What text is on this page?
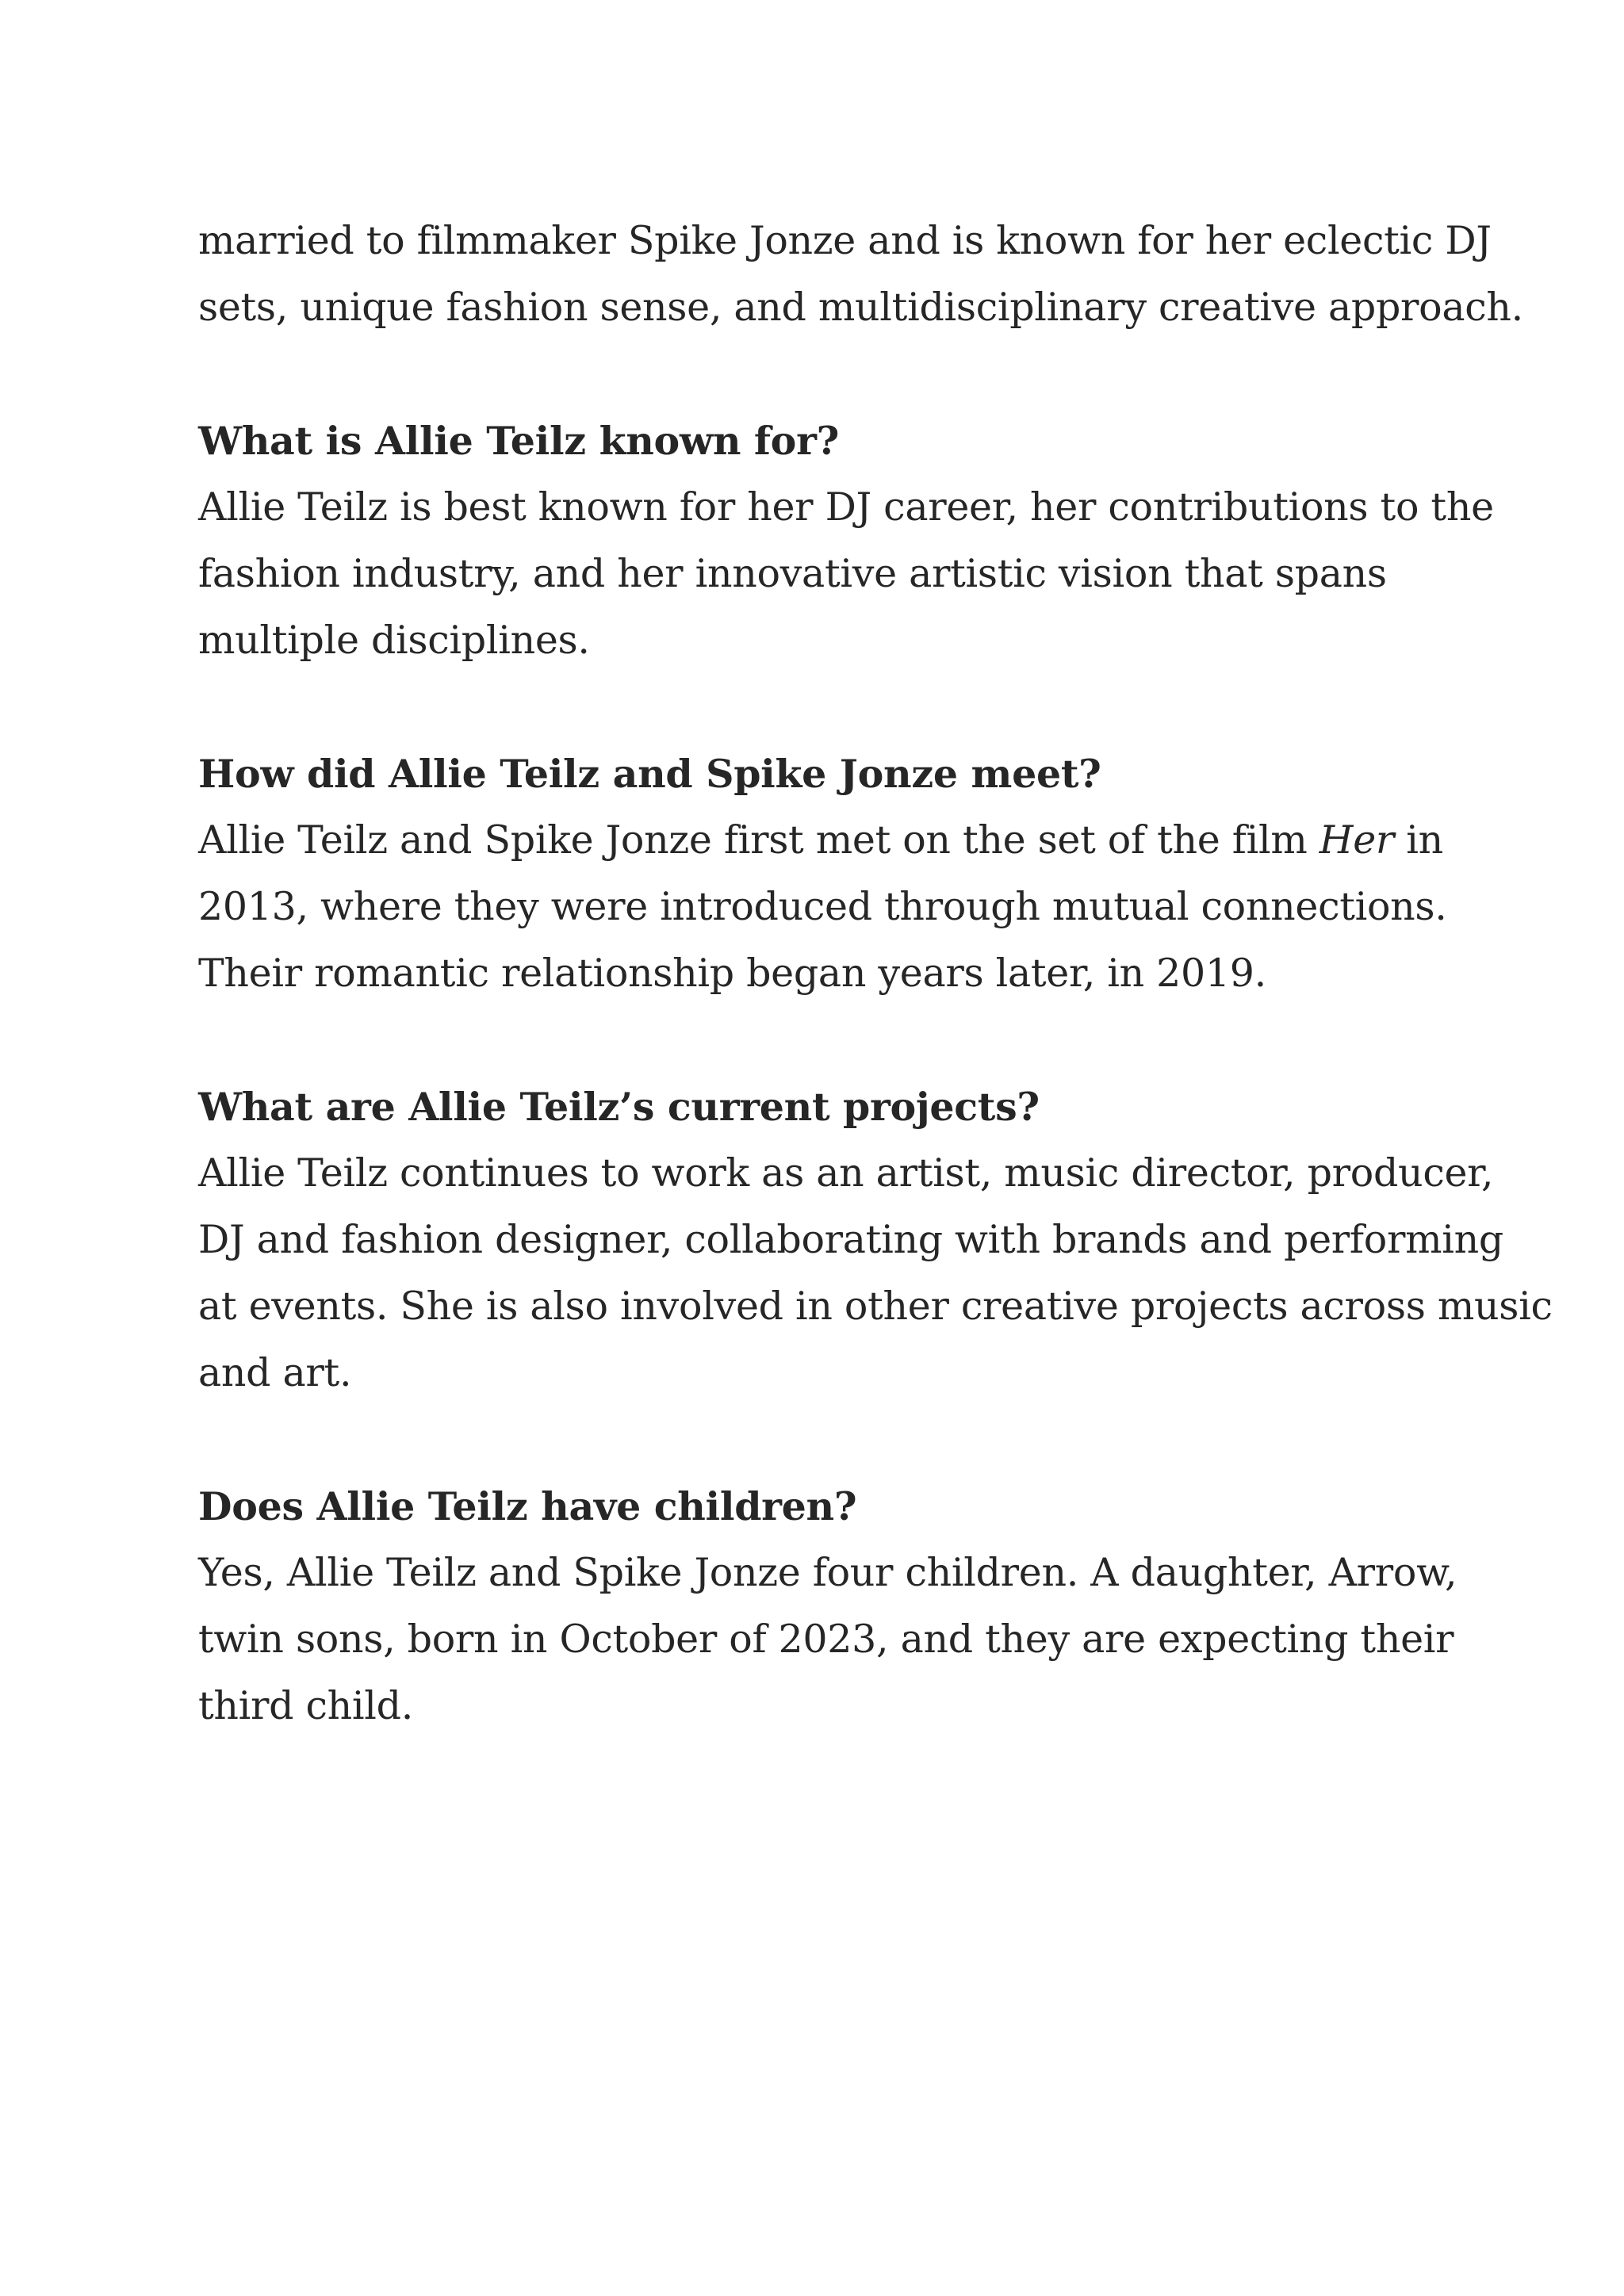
married to filmmaker Spike Jonze and is known for her eclectic DJ
sets, unique fashion sense, and multidisciplinary creative approach.

What is Allie Teilz known for?

Allie Teilz is best known for her DJ career, her contributions to the
fashion industry, and her innovative artistic vision that spans
multiple disciplines.

How did Allie Teilz and Spike Jonze meet?

Allie Teilz and Spike Jonze first met on the set of the film Her in
2013, where they were introduced through mutual connections.
Their romantic relationship began years later, in 2019.

What are Allie Teilz’s current projects?

Allie Teilz continues to work as an artist, music director, producer,
DJ and fashion designer, collaborating with brands and performing
at events. She is also involved in other creative projects across music
and art.

Does Allie Teilz have children?

Yes, Allie Teilz and Spike Jonze four children. A daughter, Arrow,
twin sons, born in October of 2023, and they are expecting their
third child.
